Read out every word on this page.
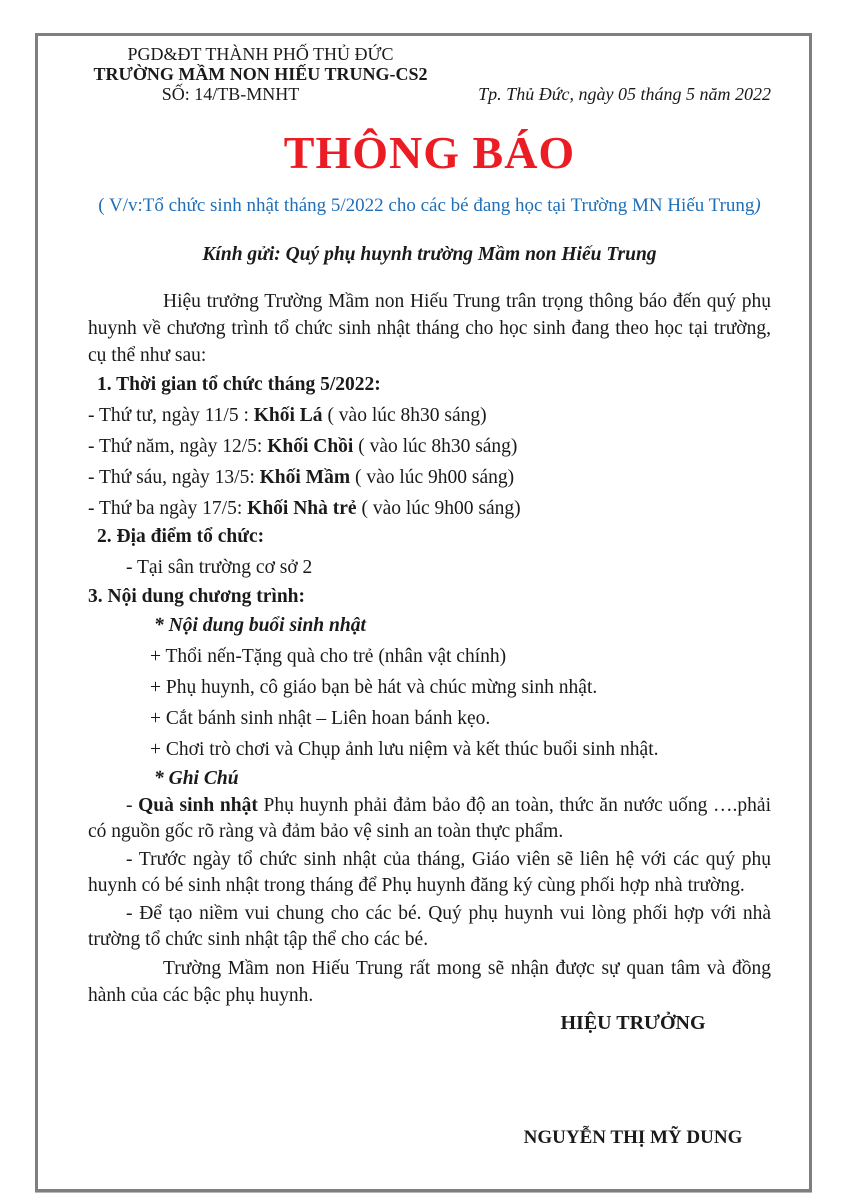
PGD&ĐT THÀNH PHỐ THỦ ĐỨC
TRƯỜNG MẦM NON HIẾU TRUNG-CS2
SỐ: 14/TB-MNHT	Tp. Thủ Đức, ngày 05 tháng 5 năm 2022
THÔNG BÁO
( V/v:Tổ chức sinh nhật tháng 5/2022 cho các bé đang học tại Trường MN Hiếu Trung)
Kính gửi: Quý phụ huynh trường Mầm non Hiếu Trung
Hiệu trưởng Trường Mầm non Hiếu Trung trân trọng thông báo đến quý phụ huynh về chương trình tổ chức sinh nhật tháng cho học sinh đang theo học tại trường, cụ thể như sau:
1. Thời gian tổ chức tháng 5/2022:
- Thứ tư, ngày 11/5 : Khối Lá ( vào lúc 8h30 sáng)
- Thứ năm, ngày 12/5: Khối Chồi ( vào lúc 8h30 sáng)
- Thứ sáu, ngày 13/5: Khối Mầm ( vào lúc 9h00 sáng)
- Thứ ba ngày 17/5: Khối Nhà trẻ ( vào lúc 9h00 sáng)
2. Địa điểm tổ chức:
- Tại sân trường cơ sở 2
3. Nội dung chương trình:
* Nội dung buổi sinh nhật
+ Thổi nến-Tặng quà cho trẻ (nhân vật chính)
+ Phụ huynh, cô giáo bạn bè hát và chúc mừng sinh nhật.
+ Cắt bánh sinh nhật – Liên hoan bánh kẹo.
+ Chơi trò chơi và Chụp ảnh lưu niệm và kết thúc buổi sinh nhật.
* Ghi Chú
- Quà sinh nhật Phụ huynh phải đảm bảo độ an toàn, thức ăn nước uống ….phải có nguồn gốc rõ ràng và đảm bảo vệ sinh an toàn thực phẩm.
- Trước ngày tổ chức sinh nhật của tháng, Giáo viên sẽ liên hệ với các quý phụ huynh có bé sinh nhật trong tháng để Phụ huynh đăng ký cùng phối hợp nhà trường.
- Để tạo niềm vui chung cho các bé. Quý phụ huynh vui lòng phối hợp với nhà trường tổ chức sinh nhật tập thể cho các bé.
Trường Mầm non Hiếu Trung rất mong sẽ nhận được sự quan tâm và đồng hành của các bậc phụ huynh.
HIỆU TRƯỞNG
NGUYỄN THỊ MỸ DUNG
